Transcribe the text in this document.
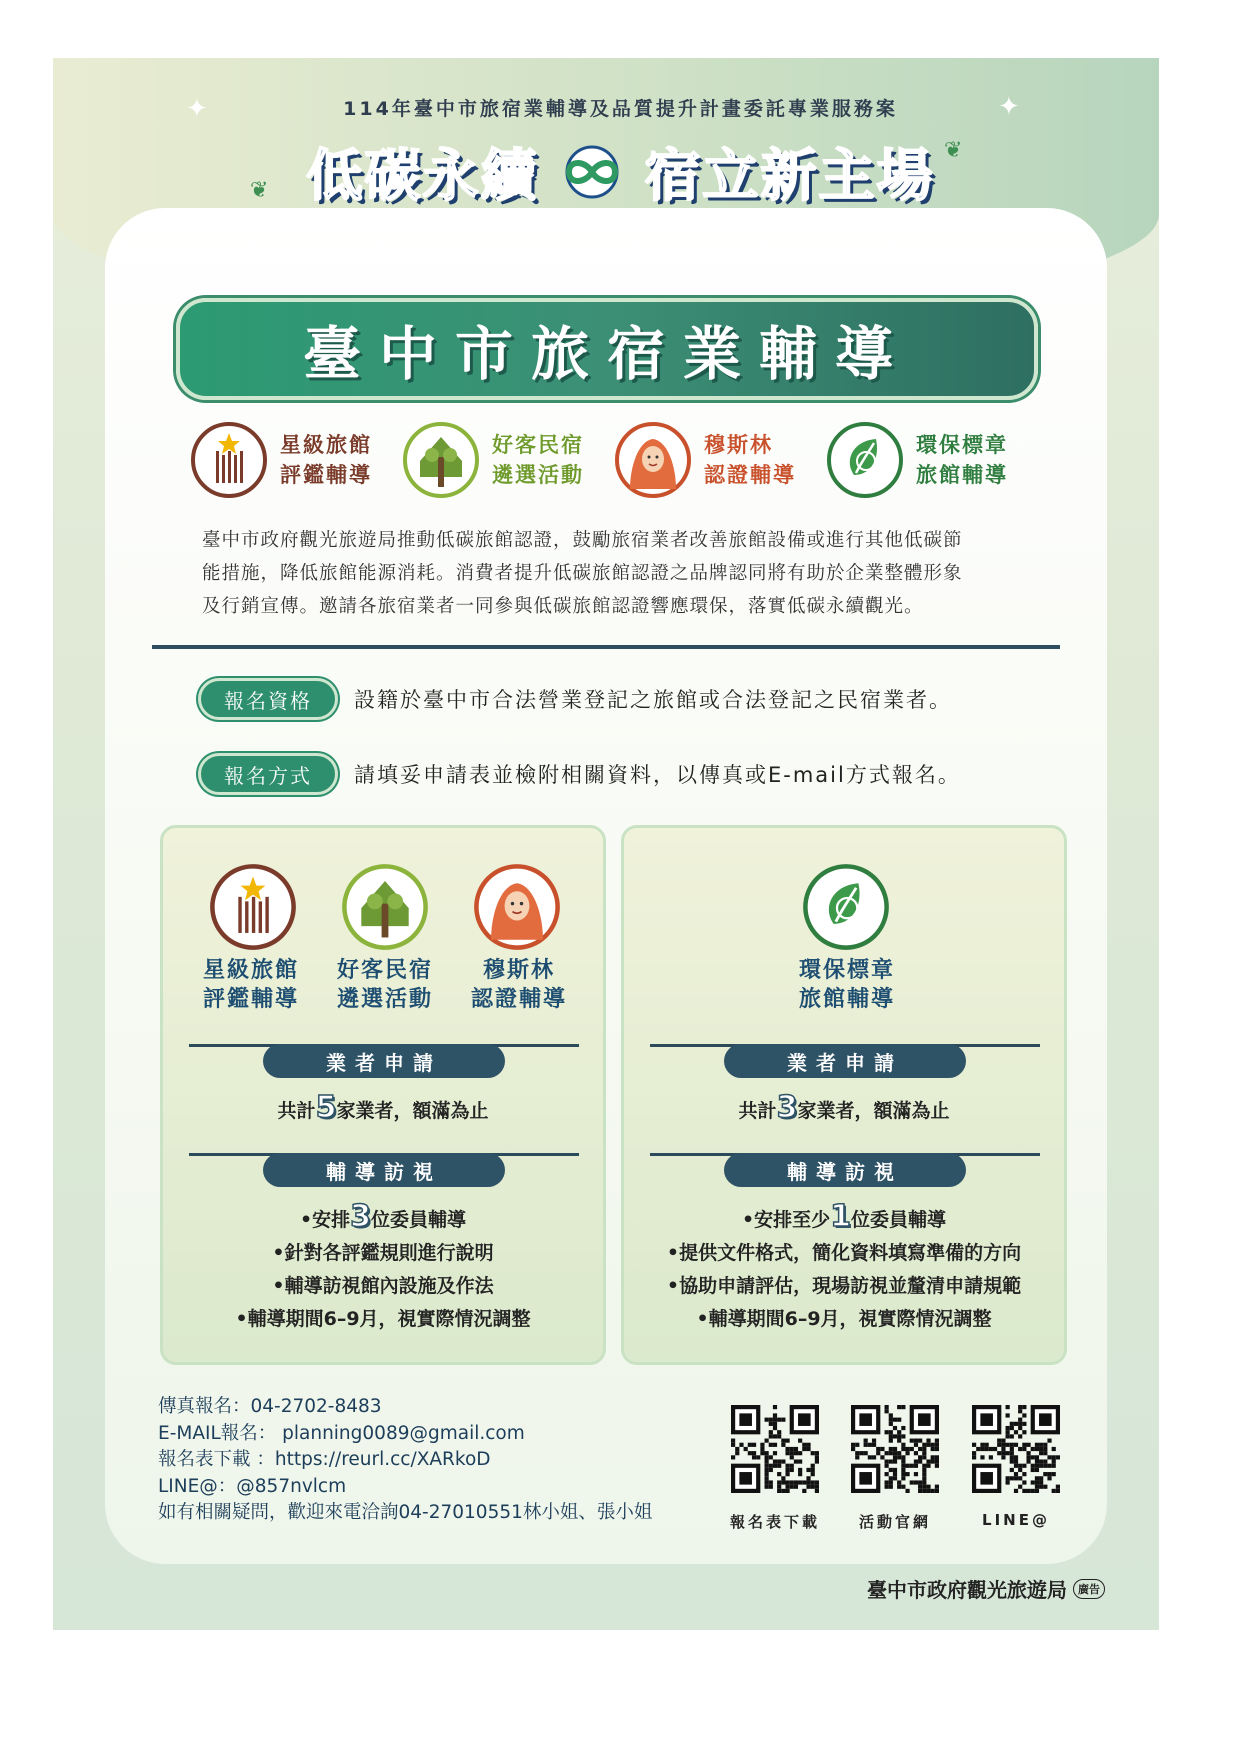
✦	✦
114年臺中市旅宿業輔導及品質提升計畫委託專業服務案
❦ 低碳永續 宿立新主場 ❦
臺中市旅宿業輔導
星級旅館
評鑑輔導
好客民宿
遴選活動
穆斯林
認證輔導
環保標章
旅館輔導
臺中市政府觀光旅遊局推動低碳旅館認證，鼓勵旅宿業者改善旅館設備或進行其他低碳節
能措施，降低旅館能源消耗。消費者提升低碳旅館認證之品牌認同將有助於企業整體形象
及行銷宣傳。邀請各旅宿業者一同參與低碳旅館認證響應環保，落實低碳永續觀光。
報名資格	設籍於臺中市合法營業登記之旅館或合法登記之民宿業者。
報名方式	請填妥申請表並檢附相關資料，以傳真或E-mail方式報名。
星級旅館
評鑑輔導
好客民宿
遴選活動
穆斯林
認證輔導
業者申請
共計5家業者，額滿為止
輔導訪視
•安排3位委員輔導
•針對各評鑑規則進行說明
•輔導訪視館內設施及作法
•輔導期間6–9月，視實際情況調整
環保標章
旅館輔導
業者申請
共計3家業者，額滿為止
輔導訪視
•安排至少1位委員輔導
•提供文件格式，簡化資料填寫準備的方向
•協助申請評估，現場訪視並釐清申請規範
•輔導期間6–9月，視實際情況調整
傳真報名：04-2702-8483
E-MAIL報名： planning0089@gmail.com
報名表下載 ：https://reurl.cc/XARkoD
LINE@：@857nvlcm
如有相關疑問，歡迎來電洽詢04-27010551林小姐、張小姐	報名表下載	活動官網	LINE@
臺中市政府觀光旅遊局	廣告
